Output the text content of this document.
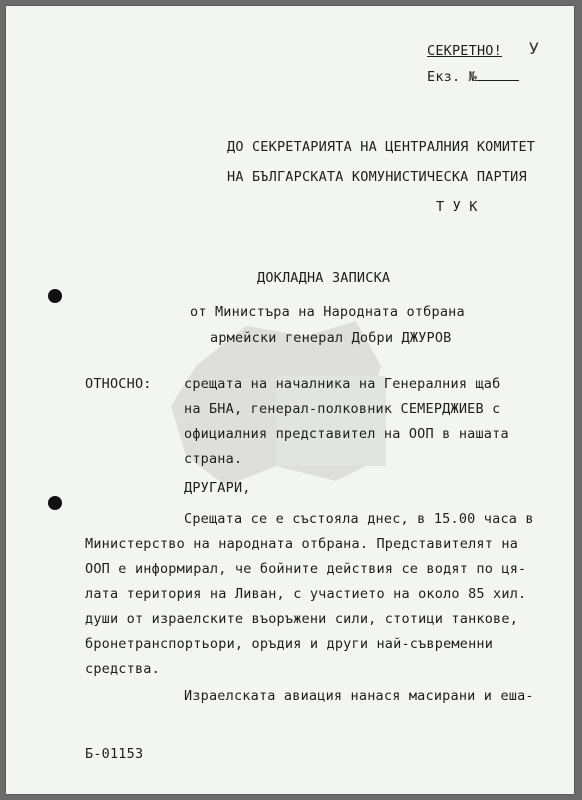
СЕКРЕТНО! У
Екз. №
ДО СЕКРЕТАРИЯТА НА ЦЕНТРАЛНИЯ КОМИТЕТ
НА БЪЛГАРСКАТА КОМУНИСТИЧЕСКА ПАРТИЯ
Т У К
ДОКЛАДНА ЗАПИСКА
от Министъра на Народната отбрана
армейски генерал Добри ДЖУРОВ
ОТНОСНО: срещата на началника на Генералния щаб
на БНА, генерал-полковник СЕМЕРДЖИЕВ с
официалния представител на ООП в нашата
страна.
ДРУГАРИ,
Срещата се е състояла днес, в 15.00 часа в
Министерство на народната отбрана. Представителят на
ООП е информирал, че бойните действия се водят по ця-
лата територия на Ливан, с участието на около 85 хил.
души от израелските въоръжени сили, стотици танкове,
бронетранспортьори, оръдия и други най-съвременни
средства.
Израелската авиация нанася масирани и еша-
Б-01153
